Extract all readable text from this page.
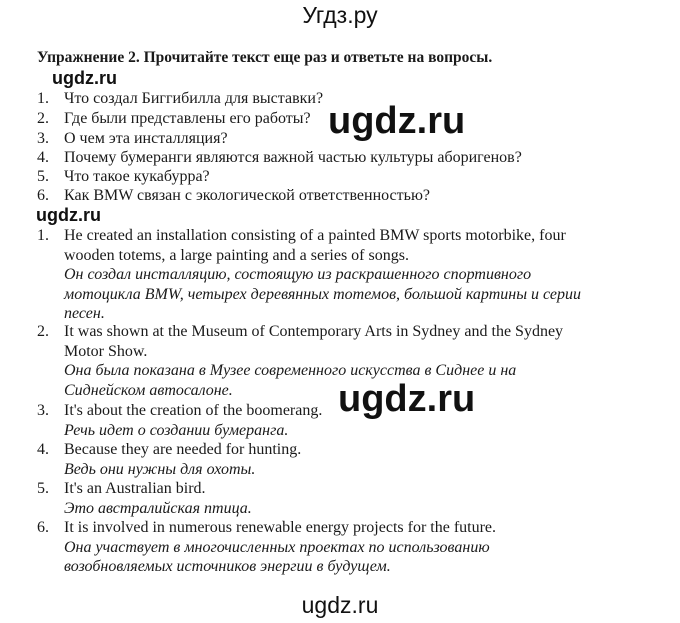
Угдз.ру
Упражнение 2. Прочитайте текст еще раз и ответьте на вопросы.
ugdz.ru
1. Что создал Биггибилла для выставки?
2. Где были представлены его работы?
3. О чем эта инсталляция?
4. Почему бумеранги являются важной частью культуры аборигенов?
5. Что такое кукабурра?
6. Как BMW связан с экологической ответственностью?
ugdz.ru
ugdz.ru
1. He created an installation consisting of a painted BMW sports motorbike, four
wooden totems, a large painting and a series of songs.
Он создал инсталляцию, состоящую из раскрашенного спортивного
мотоцикла BMW, четырех деревянных тотемов, большой картины и серии
песен.
2. It was shown at the Museum of Contemporary Arts in Sydney and the Sydney
Motor Show.
Она была показана в Музее современного искусства в Сиднее и на
Сиднейском автосалоне.
3. It's about the creation of the boomerang.
Речь идет о создании бумеранга.
4. Because they are needed for hunting.
Ведь они нужны для охоты.
5. It's an Australian bird.
Это австралийская птица.
6. It is involved in numerous renewable energy projects for the future.
Она участвует в многочисленных проектах по использованию
возобновляемых источников энергии в будущем.
ugdz.ru
ugdz.ru
